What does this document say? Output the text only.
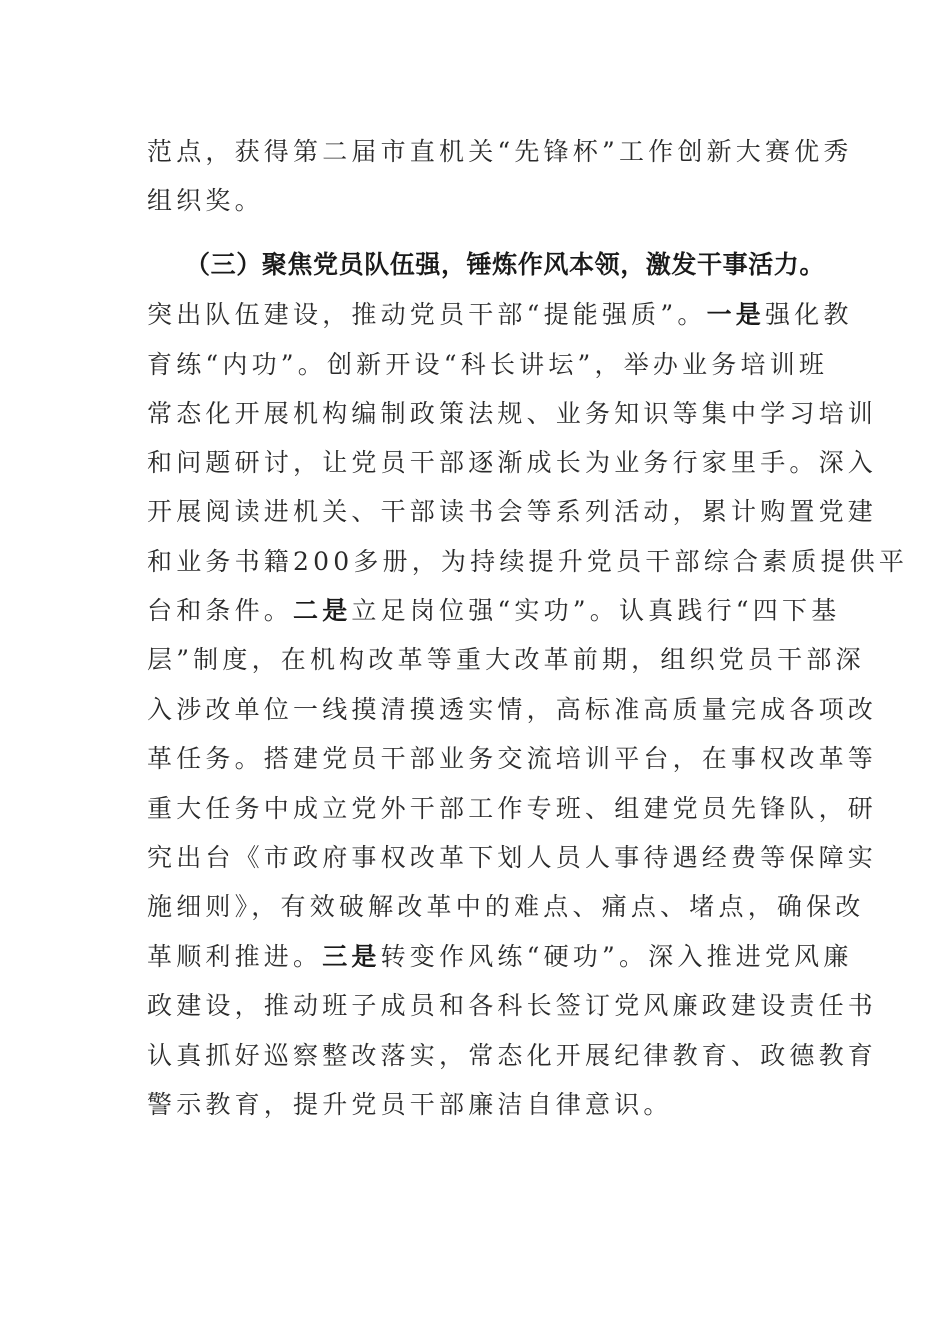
范点，获得第二届市直机关“先锋杯”工作创新大赛优秀
组织奖。
（三）聚焦党员队伍强，锤炼作风本领，激发干事活力。
突出队伍建设，推动党员干部“提能强质”。一是强化教
育练“内功”。创新开设“科长讲坛”，举办业务培训班
常态化开展机构编制政策法规、业务知识等集中学习培训
和问题研讨，让党员干部逐渐成长为业务行家里手。深入
开展阅读进机关、干部读书会等系列活动，累计购置党建
和业务书籍200多册，为持续提升党员干部综合素质提供平
台和条件。二是立足岗位强“实功”。认真践行“四下基
层”制度，在机构改革等重大改革前期，组织党员干部深
入涉改单位一线摸清摸透实情，高标准高质量完成各项改
革任务。搭建党员干部业务交流培训平台，在事权改革等
重大任务中成立党外干部工作专班、组建党员先锋队，研
究出台《市政府事权改革下划人员人事待遇经费等保障实
施细则》，有效破解改革中的难点、痛点、堵点，确保改
革顺利推进。三是转变作风练“硬功”。深入推进党风廉
政建设，推动班子成员和各科长签订党风廉政建设责任书
认真抓好巡察整改落实，常态化开展纪律教育、政德教育
警示教育，提升党员干部廉洁自律意识。
